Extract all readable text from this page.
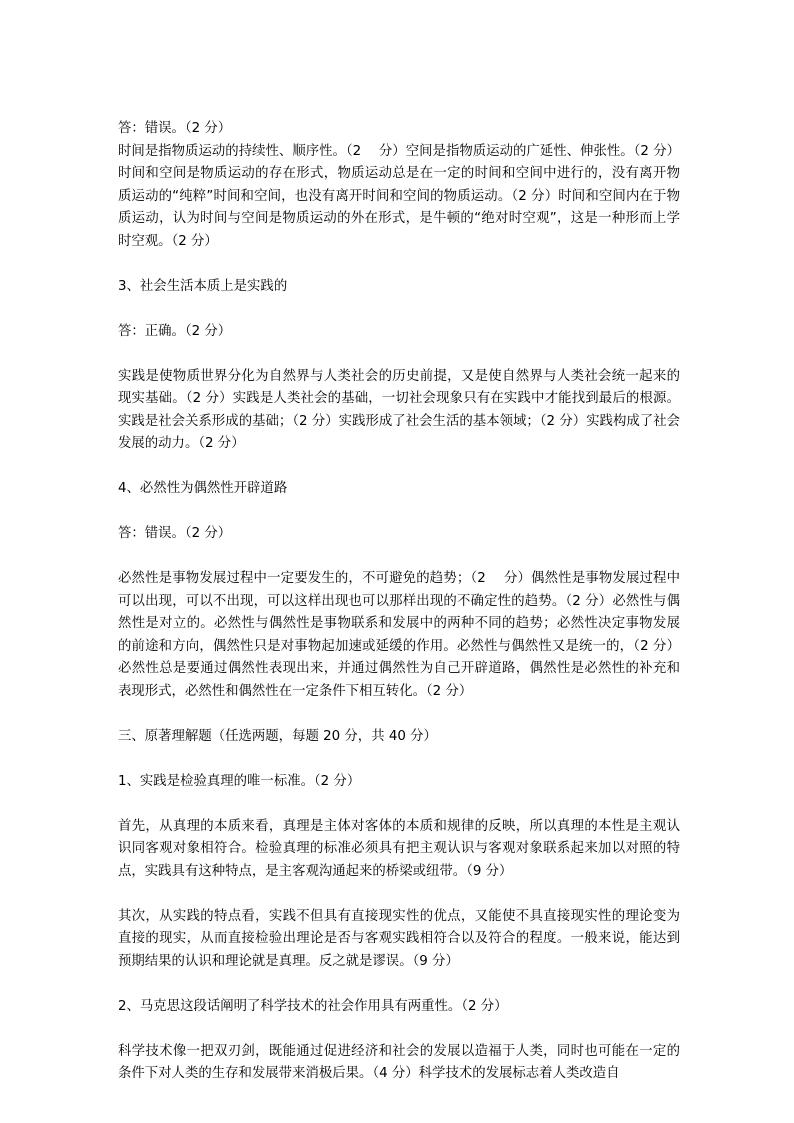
答：错误。（2 分）

时间是指物质运动的持续性、顺序性。（2　 分）空间是指物质运动的广延性、伸张性。（2 分）时间和空间是物质运动的存在形式，物质运动总是在一定的时间和空间中进行的，没有离开物质运动的“纯粹”时间和空间，也没有离开时间和空间的物质运动。（2 分）时间和空间内在于物质运动，认为时间与空间是物质运动的外在形式，是牛顿的“绝对时空观”，这是一种形而上学时空观。（2 分）

3、社会生活本质上是实践的

答：正确。（2 分）

实践是使物质世界分化为自然界与人类社会的历史前提，又是使自然界与人类社会统一起来的现实基础。（2 分）实践是人类社会的基础，一切社会现象只有在实践中才能找到最后的根源。实践是社会关系形成的基础；（2 分）实践形成了社会生活的基本领域；（2 分）实践构成了社会发展的动力。（2 分）

4、必然性为偶然性开辟道路

答：错误。（2 分）

必然性是事物发展过程中一定要发生的，不可避免的趋势；（2　 分）偶然性是事物发展过程中可以出现，可以不出现，可以这样出现也可以那样出现的不确定性的趋势。（2 分）必然性与偶然性是对立的。必然性与偶然性是事物联系和发展中的两种不同的趋势；必然性决定事物发展的前途和方向，偶然性只是对事物起加速或延缓的作用。必然性与偶然性又是统一的，（2 分）必然性总是要通过偶然性表现出来，并通过偶然性为自己开辟道路，偶然性是必然性的补充和表现形式，必然性和偶然性在一定条件下相互转化。（2 分）

三、原著理解题（任选两题，每题 20 分，共 40 分）

1、实践是检验真理的唯一标准。（2 分）

首先，从真理的本质来看，真理是主体对客体的本质和规律的反映，所以真理的本性是主观认识同客观对象相符合。检验真理的标准必须具有把主观认识与客观对象联系起来加以对照的特点，实践具有这种特点，是主客观沟通起来的桥梁或纽带。（9 分）

其次，从实践的特点看，实践不但具有直接现实性的优点，又能使不具直接现实性的理论变为直接的现实，从而直接检验出理论是否与客观实践相符合以及符合的程度。一般来说，能达到预期结果的认识和理论就是真理。反之就是谬误。（9 分）

2、马克思这段话阐明了科学技术的社会作用具有两重性。（2 分）

科学技术像一把双刃剑，既能通过促进经济和社会的发展以造福于人类，同时也可能在一定的条件下对人类的生存和发展带来消极后果。（4 分）科学技术的发展标志着人类改造自
